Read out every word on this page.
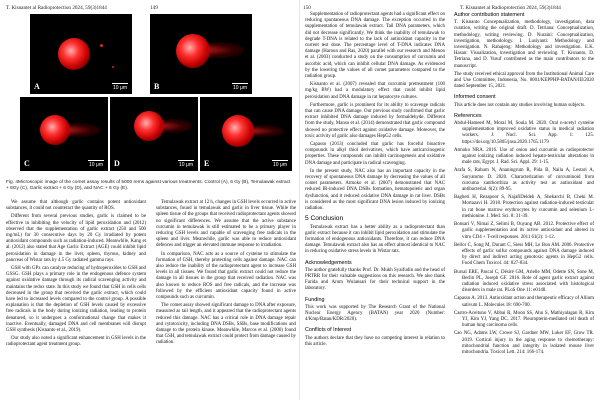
T. Kisnantet al Radioprotection 2024, 59(3)1844	149
A	10 μm	B	10 μm
C	10 μm D	10 μm E	10 μm
Fig. 4Microscopic image of the comet assay results of 5000 rems against various treatments. Control (A), 6 Gy (B), Temulawak extract + 6Gy (C), Garlic extract + 6 Gy (D), and NAC + 6 Gy (E).

We assume that although garlic contains potent antioxidant substances, it could not counteract the quantity of ROS.

Different from several previous studies, garlic is claimed to be effective in inhibiting the velocity of lipid peroxidation and (2012) observed that the supplementation of garlic extract (250 and 500 mg/mL) for 30 consecutive days by 20 Gy irradiated by potent antioxidant compounds such as radiation-induced. Meanwhile, Kang et al. (2012) also stated that Age Garlic Extract (AGE) could inhibit lipid peroxidation in damage in the liver, spleen, thymus, kidney and pancreas of Wistar rats by 4.5 Gy radiated gamma rays.

GSH with GPx can catalyze reducing of hydroperoxides to GSH and GSSG. GSH plays a primary role in the endogenous defence system against oxidative damage through its radical scavenging activity and maintains the redox state. In this study we found that GSH in cells cells decreased in the group that received the garlic extract, which could have led to increased levels compared to the control group. A possible explanation is that the depletion of GSH levels caused by excessive free radicals in the body during ionizing radiation, leading to protein denatured, so it undergoes a conformational change that makes it inactive. Eventually, damaged DNA and cell membranes will disrupt GSH synthesis (Kisnanto et al., 2019).

Our study also noted a significant enhancement in GSH levels in the radioprotectant agent treatment group.

Temulawak extract at 12 h, changes in GSH levels occurred in active substances, found in temulawak and garlic in liver tissue. While the spleen tissue of the groups that received radioprotectant agents showed no significant differences. We assume that the active substance curcumin in temulawak is still estimated to be a primary player in reducing GSH levels and capable of scavenging free radicals in the spleen and liver. Meanwhile, garlic was able to reduce antioxidant defences and trigger an elevated immune response to irradiation.

In comparison, NAC acts as a source of cysteine to stimulate the formation of GSH, thereby protecting cells against damage. NAC can also reduce the inability of the radioprotectant agent to increase GSH levels in all tissues. We found that garlic extract could not reduce the damage in all tissues in the group that received radiation. NAC was also known to reduce ROS and free radicals, and the increase was followed by the efficient antioxidant capacity found in active compounds such as curcumin.

The comet assay showed significant damage to DNA after exposure, measured as tail length, and it appeared that the radioprotectant agents reduced this damage. NAC has a critical role in DNA damage repair and cytotoxicity, including DNA DSBs, SSBs, base modifications and damage to the protein kinase. Meanwhile, Marcos et al. (2000) found that GSH, and temulawak extract could protect from damage caused by radiation.

150	T. Kisnantet al Radioprotection 2024, 59(3)1844

Supplementation of radioprotectant agents had a significant effect on reducing spontaneous DNA damage. The exception occurred in the supplementation of temulawak extract. Tail DNA parameters, which did not decrease significantly. We think the inability of temulawak to degrade T-DNA is related to the lack of antioxidant capacity in the current test dose. The percentage level of T-DNA indicates DNA damage (Haroun and Ras, 2020) parallel with our research and Menon et al. (2003) conducted a study on the consumption of curcumin and ascorbic acid, which can inhibit cellular DNA damage. As evidenced by the lowering the values of all comet parameters compared to the radiation group.

Kisnanto et al. (2007) revealed that curcumin pretreatment (100 mg/kg BW) had a modulatory effect that could inhibit lipid peroxidation and DNA damage in rat hepatocyte cultures.

Furthermore, garlic is prominent for its ability to scavenge radicals that can cause DNA damage. Our previous study confirmed that garlic extract inhibited DNA damage induced by formaldehyde. Different from the study, Manso et al. (2014) demonstrated that garlic compound showed no protective effect against oxidative damage. Moreover, the toxic activity of garlic also damages HepG2 cells.

Capasso (2013) concluded that garlic has forceful bioactive compounds in alkyl thiol derivatives, which have anticarcinogenic properties. These compounds can inhibit carcinogenesis and oxidative DNA damage and participate in radical scavenging.

In the present study, NAC also has an important capacity in the recovery of spontaneous DNA damage by decreasing the values of all comet parameters. Atmoko et al. (2007) demonstrated that NAC reduced IR-induced DNA DSBs formation, hematopoietic and organ dysfunction, and it reduced oxidative DNA damage in rat liver. DSBs is considered as the most significant DNA lesion induced by ionizing radiation.

5 Conclusion

Temulawak extract has a better ability as a radioprotectant than garlic extract because it can inhibit lipid peroxidation and stimulate the formation of endogenous antioxidants. Therefore, it can reduce DNA damage. Temulawak extract also has an effect almost identical to NAC in reducing oxidative stress levels in Wistar rats.

Acknowledgements

The author gratefully thanks Prof. Dr. Mukh Syaifudin and the head of PRTRR for their valuable suggestions on this research. We also thank Farida and Arum Wulansari for their technical support in the laboratory.

Funding

This work was supported by The Research Grant of the National Nuclear Energy Agency (BATAN) year 2020 (Number: 4/Kmp/Batan/KDR/2020).

Conflicts of Interest

The authors declare that they have no competing interest in relation to this article.

Author contribution statement

T. Kisnanto Conceptualization, methodology, investigation, data curation, writing the original draft. D. Tetriana: Conceptualization, methodology, writing reviewing. D. Nuraini: Conceptualization, investigation, methodology. I. Lusiyanti: Methodology and investigation. N. Rahajeng: Methodology and investigation. E.K. Hasan: Visualization, investigation and reviewing. T. Kisnanto, D. Tetriana, and D. Yusuf contributed as the main contributors to the manuscript.

The study received ethical approval from the Institutional Animal Care and Use Committee, Indonesia, No. 0001/KEPPHP-BATAN/III/2020 dated September 15, 2021.

Informed consent

This article does not contain any studies involving human subjects.

References

Abdul-Hameed M, Moral M, Soula M. 2020. Oral n-acetyl cysteine supplementation improved oxidative status in medical radiation workers. J. Nucl. Sci. App. 1: 125. https://doi.org/10.5805/jnsa.2020.1765.1179

Atmoko NRA. 2016. Use of onion and curcumin as radioprotector against ionizing radiation induced hepato-testicular alterations in male rats, Egypt. J. Rad. Sci. Appl. 29: 1-15.

Arafa S, Rahum N, Ananingrum R, Pida B, Naila A, Lestari A, Suryatomo D. 2020. Characterization of curcuminoid from curcuma xanthorrhiza as activity test as antioxidant and antibacterial. 6(2): 89-95.

Bagheri H, Rezapoor S, NajafiDeldeh A, Shekarchi B, Cheki M. Mortazavi H. 2018. Protection against radiation-induced testicular in rat bone marrow erythrocytes by curcumin and selenium L-methionine. J. Med. Sci. 8: 31-39.

Bonsari V, Nimai Z, Selimi B, Ouyang AB. 2012. Protective effect of garlic supplementation and its active antioxidant and altered in vitro CD4 + T-cell responses. 2011 61(2): 1-12.

Bellor C, Song M, Durant C, Siess MH, Le Bon AM. 2006. Protective effects of garlic sulfur compounds against DNA damage induced by direct and indirect acting genotoxic agents in HepG2 cells. Food Chem Toxicol. 44: 827-834.

Bursal ERE, Pascal C, Désiré GM, Arielle MM, Odette SN, Sone M, Berlin PL, Joseph GF. 2016. Role of agent garlic extract against radiation induced oxidative stress associated with histological disorders in male rat. PLoS One 11: e0148.

Capasso A. 2013. Antioxidant action and therapeutic efficacy of Allium sativum L. Molecules 18: 690-700.

Castro-Aceituno V, Abbai R, Moon SS, Ahn S, Mathiyalagan R, Kim YJ, Kim YJ, Yang DC. 2017. Pleuropterin-mediated cell death of human lung carcinoma cells.

Cao NG, Adams LW, Crowe SJ, Gardner MW, Luker EF, Grow TR. 2019. Cortical injury in the aging response to chemotherapy: mitochondrial function and integrity in isolated mouse liver mitochondria. Toxicol Lett. 214: 166-174.
